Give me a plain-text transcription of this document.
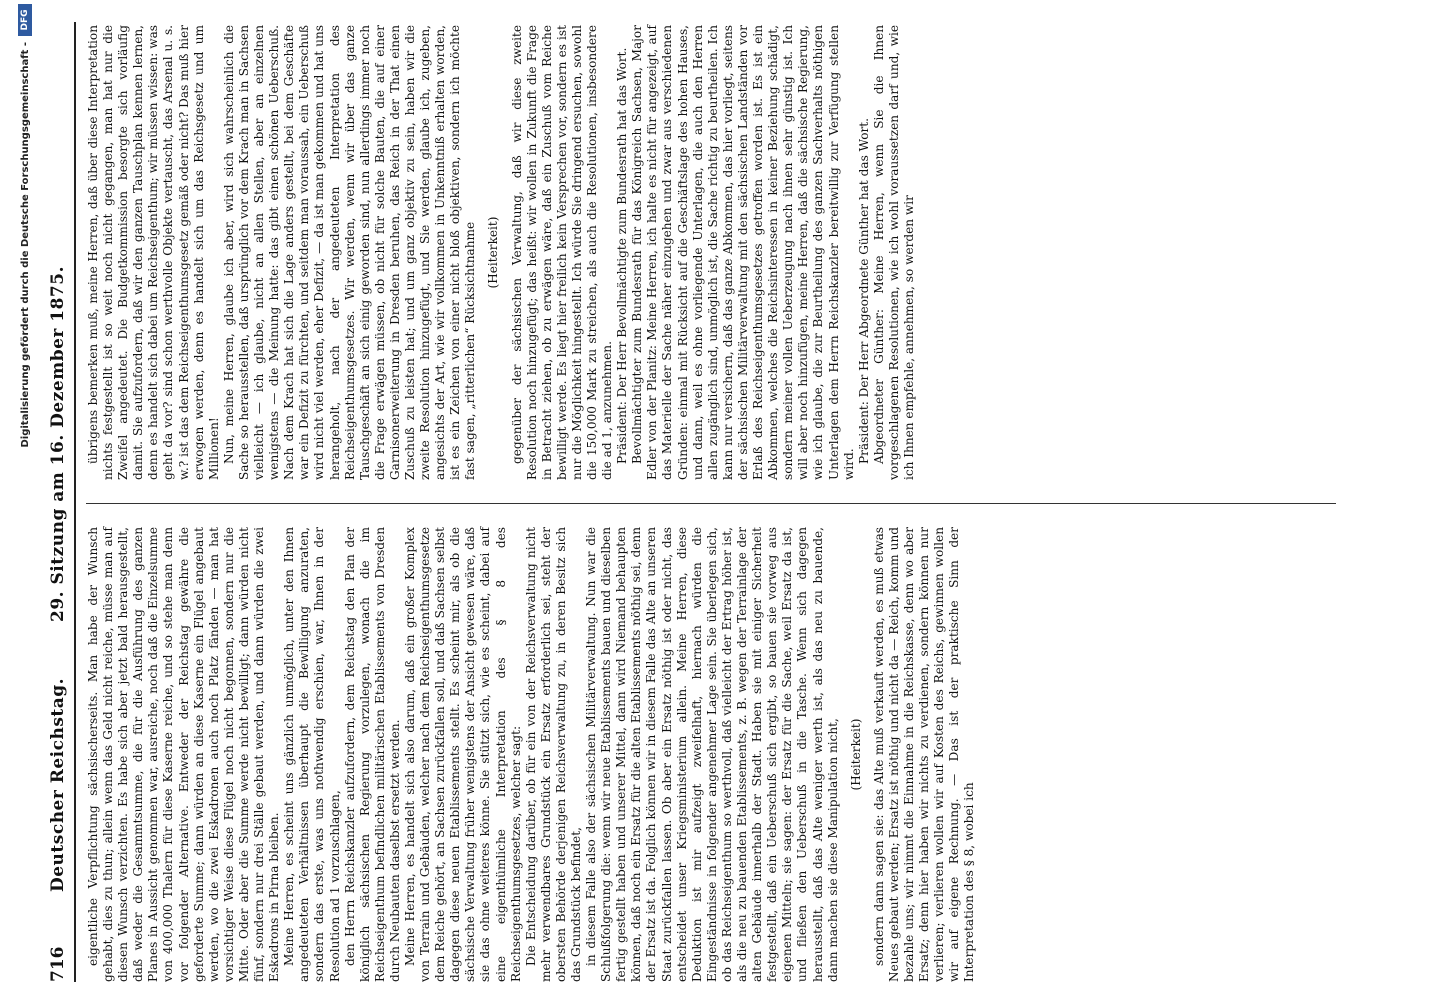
716
Deutscher Reichstag.
29. Sitzung am 16. Dezember 1875.

eigentliche Verpflichtung sächsischerseits. Man habe der Wunsch gehabt, dies zu thun; allein wenn das Geld nicht reiche, müsse man auf diesen Wunsch verzichten. Es habe sich aber jetzt bald herausgestellt, daß weder die Gesammtsumme, die für die Ausführung des ganzen Planes in Aussicht genommen war, ausreiche, noch daß die Einzelsumme von 400,000 Thalern für diese Kaserne reiche, und so stehe man denn vor folgender Alternative. Entweder der Reichstag gewähre die geforderte Summe; dann würden an diese Kaserne ein Flügel angebaut werden, wo die zwei Eskadronen auch noch Platz fänden — man hat vorsichtiger Weise diese Flügel noch nicht begonnen, sondern nur die Mitte. Oder aber die Summe werde nicht bewilligt; dann würden nicht fünf, sondern nur drei Ställe gebaut werden, und dann würden die zwei Eskadrons in Pirna bleiben. Meine Herren, es scheint uns gänzlich unmöglich, unter den Ihnen angedeuteten Verhältnissen überhaupt die Bewilligung anzuraten, sondern das erste, was uns nothwendig erschien, war, Ihnen in der Resolution ad 1 vorzuschlagen, den Herrn Reichskanzler aufzufordern, dem Reichstag den Plan der königlich sächsischen Regierung vorzulegen, wonach die im Reichseigenthum befindlichen militärischen Etablissements von Dresden durch Neubauten daselbst ersetzt werden. Meine Herren, es handelt sich also darum, daß ein großer Komplex von Terrain und Gebäuden, welcher nach dem Reichseigenthumsgesetze dem Reiche gehört, an Sachsen zurückfallen soll, und daß Sachsen selbst dagegen diese neuen Etablissements stellt. Es scheint mir, als ob die sächsische Verwaltung früher wenigstens der Ansicht gewesen wäre, daß sie das ohne weiteres könne. Sie stützt sich, wie es scheint, dabei auf eine eigenthümliche Interpretation des § 8 des Reichseigenthumsgesetzes, welcher sagt: Die Entscheidung darüber, ob für ein von der Reichsverwaltung nicht mehr verwendbares Grundstück ein Ersatz erforderlich sei, steht der obersten Behörde derjenigen Reichsverwaltung zu, in deren Besitz sich das Grundstück befindet, in diesem Falle also der sächsischen Militärverwaltung. Nun war die Schlußfolgerung die: wenn wir neue Etablissements bauen und dieselben fertig gestellt haben und unserer Mittel, dann wird Niemand behaupten können, daß noch ein Ersatz für die alten Etablissements nöthig sei, denn der Ersatz ist da. Folglich können wir in diesem Falle das Alte an unseren Staat zurückfallen lassen. Ob aber ein Ersatz nöthig ist oder nicht, das entscheidet unser Kriegsministerium allein. Meine Herren, diese Deduktion ist mir aufzeigt zweifelhaft, hiernach würden die Eingeständnisse in folgender angenehmer Lage sein. Sie überlegen sich, ob das Reichseigenthum so werthvoll, daß vielleicht der Ertrag höher ist, als die neu zu bauenden Etablissements, z. B. wegen der Terrainlage der alten Gebäude innerhalb der Stadt. Haben sie mit einiger Sicherheit festgestellt, daß ein Ueberschuß sich ergibt, so bauen sie vorweg aus eigenen Mitteln; sie sagen: der Ersatz für die Sache, weil Ersatz da ist, und fließen den Ueberschuß in die Tasche. Wenn sich dagegen herausstellt, daß das Alte weniger werth ist, als das neu zu bauende, dann machen sie diese Manipulation nicht, (Heiterkeit) sondern dann sagen sie: das Alte muß verkauft werden, es muß etwas Neues gebaut werden; Ersatz ist nöthig und nicht da — Reich, komm und bezahle uns; wir nimmt die Einnahme in die Reichskasse, denn wo aber Ersatz; denn hier haben wir nichts zu verdienen, sondern können nur verlieren; verlieren wollen wir auf Kosten des Reichs, gewinnen wollen wir auf eigene Rechnung. — Das ist der praktische Sinn der Interpretation des § 8, wobei ich

übrigens bemerken muß, meine Herren, daß über diese Interpretation nichts festgestellt ist so weit noch nicht gegangen, man hat nur die Zweifel angedeutet. Die Budgetkommission besorgte sich vorläufig damit. Sie aufzufordern, daß wir den ganzen Tauschplan kennen lernen, denn es handelt sich dabei um Reichseigenthum; wir müssen wissen: was geht da vor? sind schon werthvolle Objekte vertauscht, das Arsenal u. s. w.? ist das dem Reichseigenthumsgesetz gemäß oder nicht? Das muß hier erwogen werden, denn es handelt sich um das Reichsgesetz und um Millionen! Nun, meine Herren, glaube ich aber, wird sich wahrscheinlich die Sache so herausstellen, daß ursprünglich vor dem Krach man in Sachsen vielleicht — ich glaube, nicht an allen Stellen, aber an einzelnen wenigstens — die Meinung hatte: das gibt einen schönen Ueberschuß. Nach dem Krach hat sich die Lage anders gestellt, bei dem Geschäfte war ein Defizit zu fürchten, und seitdem man voraussah, ein Ueberschuß wird nicht viel werden, eher Defizit, — da ist man gekommen und hat uns herangeholt, nach der angedeuteten Interpretation des Reichseigenthumsgesetzes. Wir werden, wenn wir über das ganze Tauschgeschäft an sich einig geworden sind, nun allerdings immer noch die Frage erwägen müssen, ob nicht für solche Bauten, die auf einer Garnisonerweiterung in Dresden beruhen, das Reich in der That einen Zuschuß zu leisten hat; und um ganz objektiv zu sein, haben wir die zweite Resolution hinzugefügt, und Sie werden, glaube ich, zugeben, angesichts der Art, wie wir vollkommen in Unkenntniß erhalten worden, ist es ein Zeichen von einer nicht bloß objektiven, sondern ich möchte fast sagen, „ritterlichen“ Rücksichtnahme (Heiterkeit) gegenüber der sächsischen Verwaltung, daß wir diese zweite Resolution noch hinzugefügt; das heißt: wir wollen in Zukunft die Frage in Betracht ziehen, ob zu erwägen wäre, daß ein Zuschuß vom Reiche bewilligt werde. Es liegt hier freilich kein Versprechen vor, sondern es ist nur die Möglichkeit hingestellt. Ich würde Sie dringend ersuchen, sowohl die 150,000 Mark zu streichen, als auch die Resolutionen, insbesondere die ad 1, anzunehmen. Präsident: Der Herr Bevollmächtigte zum Bundesrath hat das Wort. Bevollmächtigter zum Bundesrath für das Königreich Sachsen, Major Edler von der Planitz: Meine Herren, ich halte es nicht für angezeigt, auf das Materielle der Sache näher einzugehen und zwar aus verschiedenen Gründen: einmal mit Rücksicht auf die Geschäftslage des hohen Hauses, und dann, weil es ohne vorliegende Unterlagen, die auch den Herren allen zugänglich sind, unmöglich ist, die Sache richtig zu beurtheilen. Ich kann nur versichern, daß das ganze Abkommen, das hier vorliegt, seitens der sächsischen Militärverwaltung mit den sächsischen Landständen vor Erlaß des Reichseigenthumsgesetzes getroffen worden ist. Es ist ein Abkommen, welches die Reichsinteressen in keiner Beziehung schädigt, sondern meiner vollen Ueberzeugung nach ihnen sehr günstig ist. Ich will aber noch hinzufügen, meine Herren, daß die sächsische Regierung, wie ich glaube, die zur Beurtheilung des ganzen Sachverhalts nöthigen Unterlagen dem Herrn Reichskanzler bereitwillig zur Verfügung stellen wird.

Präsident: Der Herr Abgeordnete Günther hat das Wort. Abgeordneter Günther: Meine Herren, wenn Sie die Ihnen vorgeschlagenen Resolutionen, wie ich wohl voraussetzen darf und, wie ich Ihnen empfehle, annehmen, so werden wir

Digitalisierung gefördert durch die Deutsche Forschungsgemeinschaft -
DFG
